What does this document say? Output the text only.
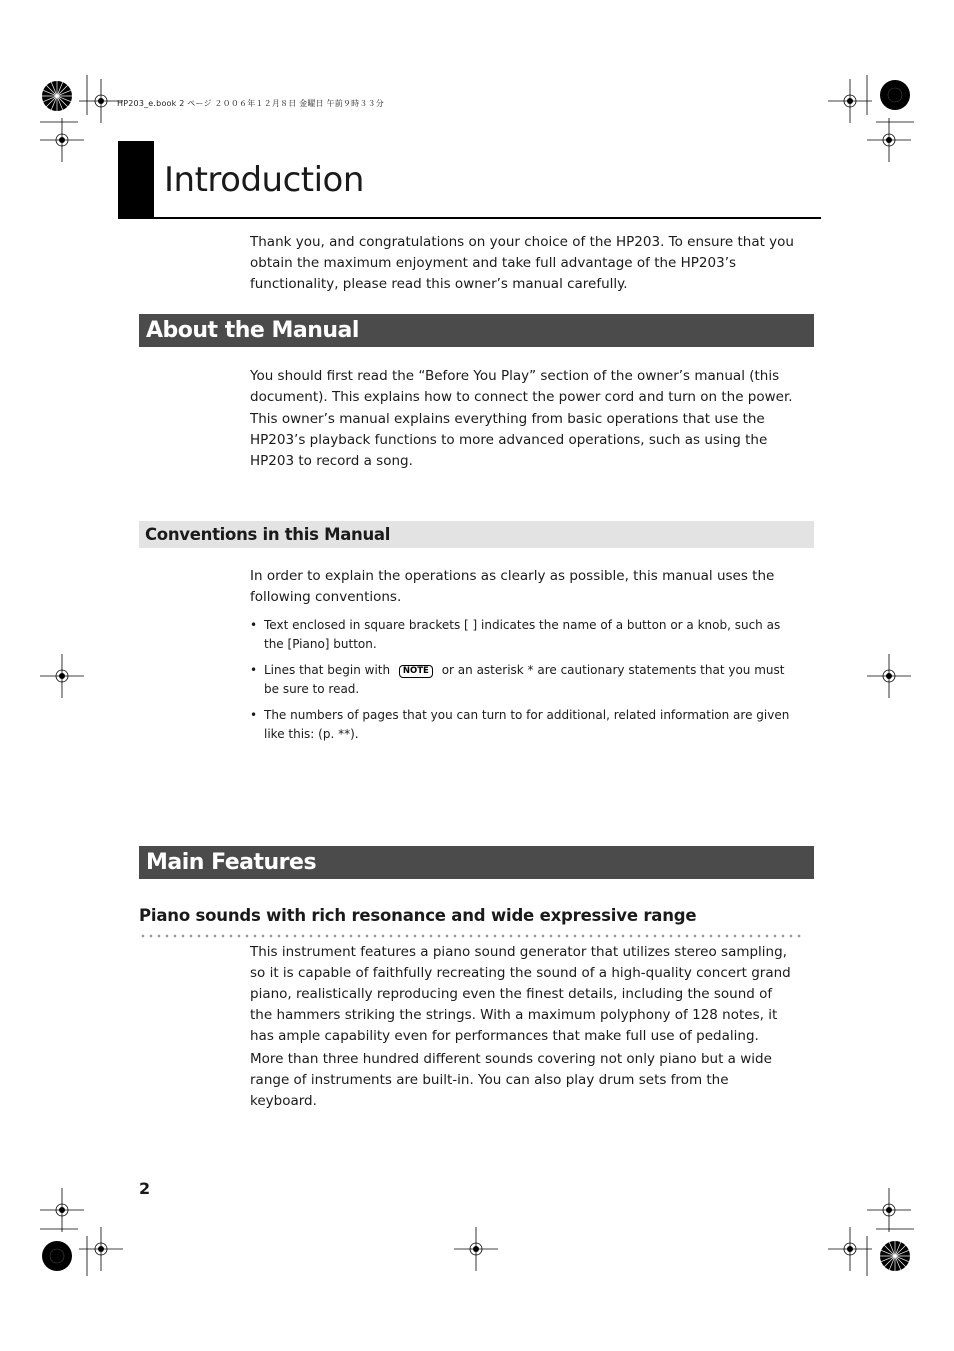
HP203_e.book 2 ページ ２００６年１２月８日 金曜日 午前９時３３分
Introduction

Thank you, and congratulations on your choice of the HP203. To ensure that you obtain the maximum enjoyment and take full advantage of the HP203’s functionality, please read this owner’s manual carefully.

About the Manual

You should first read the “Before You Play” section of the owner’s manual (this document). This explains how to connect the power cord and turn on the power.

This owner’s manual explains everything from basic operations that use the HP203’s playback functions to more advanced operations, such as using the HP203 to record a song.

Conventions in this Manual

In order to explain the operations as clearly as possible, this manual uses the following conventions.

• Text enclosed in square brackets [ ] indicates the name of a button or a knob, such as the [Piano] button.
• Lines that begin with NOTE or an asterisk * are cautionary statements that you must be sure to read.
• The numbers of pages that you can turn to for additional, related information are given like this: (p. **).
Main Features
Piano sounds with rich resonance and wide expressive range

This instrument features a piano sound generator that utilizes stereo sampling, so it is capable of faithfully recreating the sound of a high-quality concert grand piano, realistically reproducing even the finest details, including the sound of the hammers striking the strings. With a maximum polyphony of 128 notes, it has ample capability even for performances that make full use of pedaling.

More than three hundred different sounds covering not only piano but a wide range of instruments are built-in. You can also play drum sets from the keyboard.

2
